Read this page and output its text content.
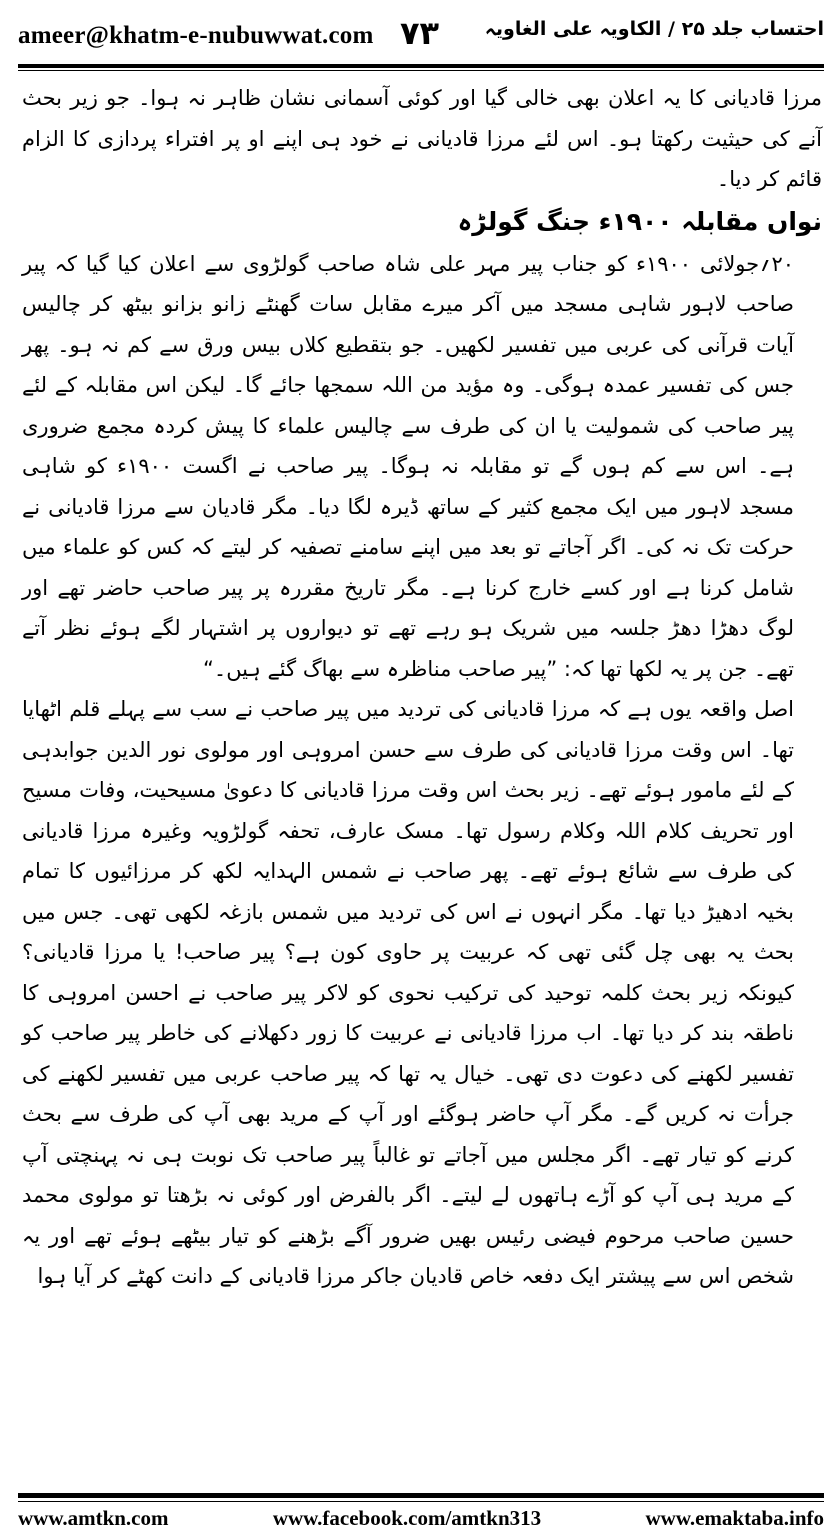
ameer@khatm-e-nubuwwat.com ۷۳ احتساب جلد ۲۵ / الکاویہ علی الغاویہ

مرزا قادیانی کا یہ اعلان بھی خالی گیا اور کوئی آسمانی نشان ظاہر نہ ہوا۔ جو زیر بحث آنے کی حیثیت رکھتا ہو۔ اس لئے مرزا قادیانی نے خود ہی اپنے او پر افتراء پردازی کا الزام قائم کر دیا۔

نواں مقابلہ ۱۹۰۰ء جنگ گولڑہ

۲۰؍جولائی ۱۹۰۰ء کو جناب پیر مہر علی شاہ صاحب گولڑوی سے اعلان کیا گیا کہ پیر صاحب لاہور شاہی مسجد میں آکر میرے مقابل سات گھنٹے زانو بزانو بیٹھ کر چالیس آیات قرآنی کی عربی میں تفسیر لکھیں۔ جو بتقطیع کلاں بیس ورق سے کم نہ ہو۔ پھر جس کی تفسیر عمدہ ہوگی۔ وہ مؤید من اللہ سمجھا جائے گا۔ لیکن اس مقابلہ کے لئے پیر صاحب کی شمولیت یا ان کی طرف سے چالیس علماء کا پیش کردہ مجمع ضروری ہے۔ اس سے کم ہوں گے تو مقابلہ نہ ہوگا۔ پیر صاحب نے اگست ۱۹۰۰ء کو شاہی مسجد لاہور میں ایک مجمع کثیر کے ساتھ ڈیرہ لگا دیا۔ مگر قادیان سے مرزا قادیانی نے حرکت تک نہ کی۔ اگر آجاتے تو بعد میں اپنے سامنے تصفیہ کر لیتے کہ کس کو علماء میں شامل کرنا ہے اور کسے خارج کرنا ہے۔ مگر تاریخ مقررہ پر پیر صاحب حاضر تھے اور لوگ دھڑا دھڑ جلسہ میں شریک ہو رہے تھے تو دیواروں پر اشتہار لگے ہوئے نظر آتے تھے۔ جن پر یہ لکھا تھا کہ: ”پیر صاحب مناظرہ سے بھاگ گئے ہیں۔“

اصل واقعہ یوں ہے کہ مرزا قادیانی کی تردید میں پیر صاحب نے سب سے پہلے قلم اٹھایا تھا۔ اس وقت مرزا قادیانی کی طرف سے حسن امروہی اور مولوی نور الدین جوابدہی کے لئے مامور ہوئے تھے۔ زیر بحث اس وقت مرزا قادیانی کا دعویٰ مسیحیت، وفات مسیح اور تحریف کلام اللہ وکلام رسول تھا۔ مسک عارف، تحفہ گولڑویہ وغیرہ مرزا قادیانی کی طرف سے شائع ہوئے تھے۔ پھر صاحب نے شمس الہدایہ لکھ کر مرزائیوں کا تمام بخیہ ادھیڑ دیا تھا۔ مگر انہوں نے اس کی تردید میں شمس بازغہ لکھی تھی۔ جس میں بحث یہ بھی چل گئی تھی کہ عربیت پر حاوی کون ہے؟ پیر صاحب! یا مرزا قادیانی؟ کیونکہ زیر بحث کلمہ توحید کی ترکیب نحوی کو لاکر پیر صاحب نے احسن امروہی کا ناطقہ بند کر دیا تھا۔ اب مرزا قادیانی نے عربیت کا زور دکھلانے کی خاطر پیر صاحب کو تفسیر لکھنے کی دعوت دی تھی۔ خیال یہ تھا کہ پیر صاحب عربی میں تفسیر لکھنے کی جرأت نہ کریں گے۔ مگر آپ حاضر ہوگئے اور آپ کے مرید بھی آپ کی طرف سے بحث کرنے کو تیار تھے۔ اگر مجلس میں آجاتے تو غالباً پیر صاحب تک نوبت ہی نہ پہنچتی آپ کے مرید ہی آپ کو آڑے ہاتھوں لے لیتے۔ اگر بالفرض اور کوئی نہ بڑھتا تو مولوی محمد حسین صاحب مرحوم فیضی رئیس بھیں ضرور آگے بڑھنے کو تیار بیٹھے ہوئے تھے اور یہ شخص اس سے پیشتر ایک دفعہ خاص قادیان جاکر مرزا قادیانی کے دانت کھٹے کر آیا ہوا

www.amtkn.com	www.facebook.com/amtkn313	www.emaktaba.info
